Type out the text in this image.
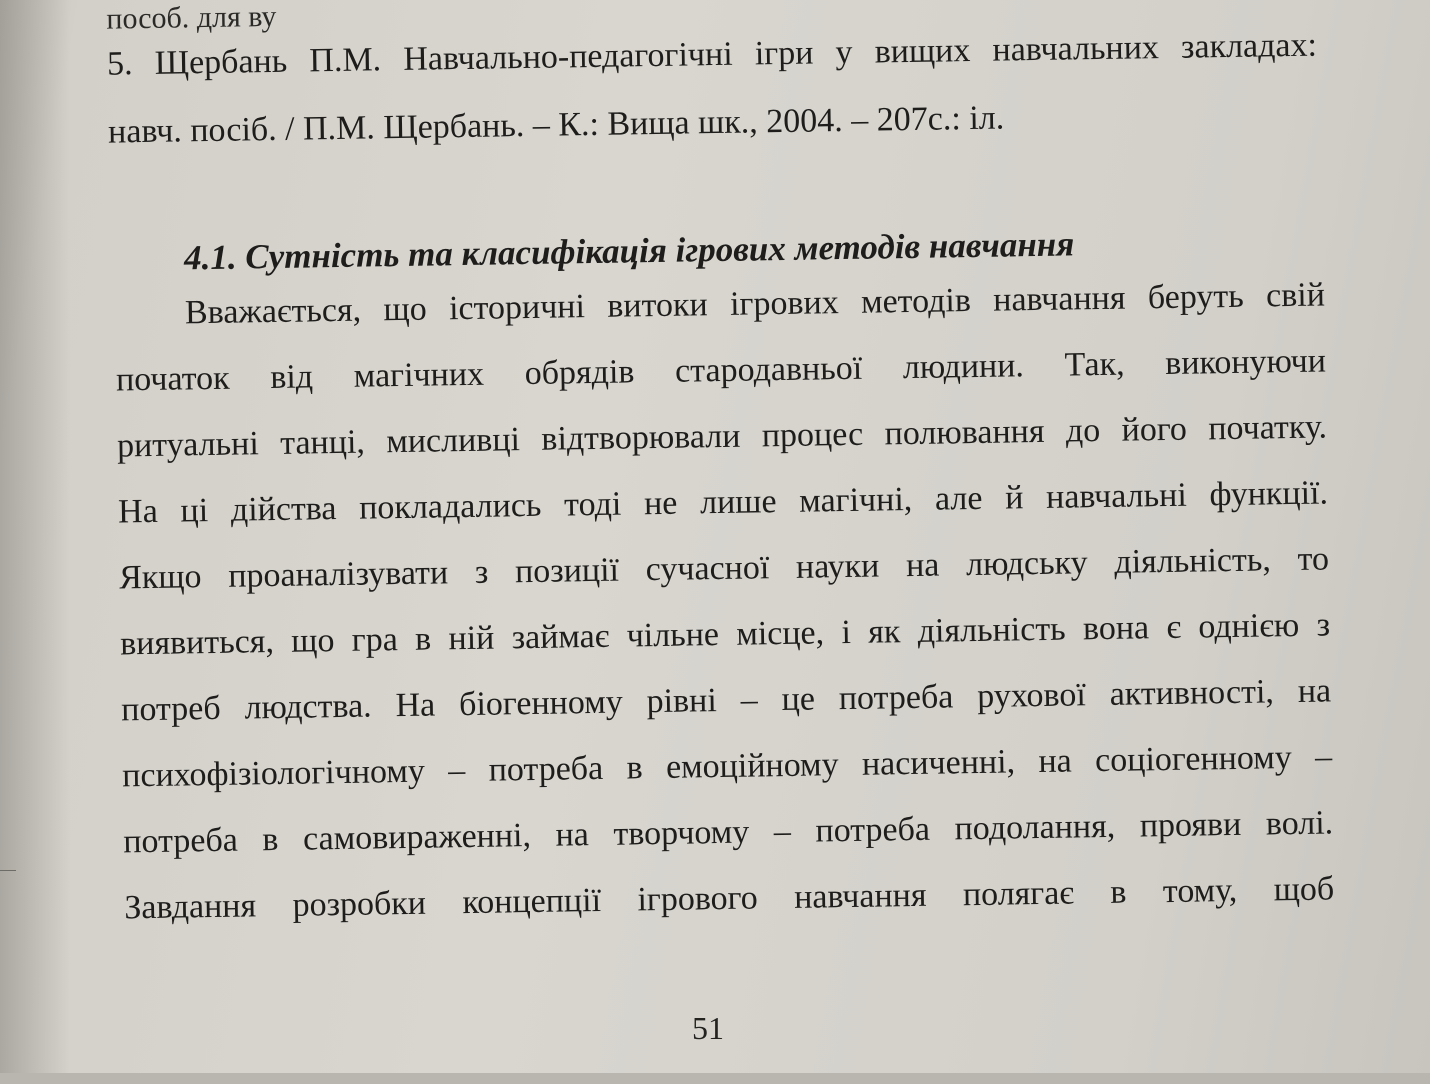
пособ. для ву
5. Щербань П.М. Навчально-педагогічні ігри у вищих навчальних закладах:
навч. посіб. / П.М. Щербань. – К.: Вища шк., 2004. – 207с.: іл.
4.1. Сутність та класифікація ігрових методів навчання
Вважається, що історичні витоки ігрових методів навчання беруть свій
початок від магічних обрядів стародавньої людини. Так, виконуючи
ритуальні танці, мисливці відтворювали процес полювання до його початку.
На ці дійства покладались тоді не лише магічні, але й навчальні функції.
Якщо проаналізувати з позиції сучасної науки на людську діяльність, то
виявиться, що гра в ній займає чільне місце, і як діяльність вона є однією з
потреб людства. На біогенному рівні – це потреба рухової активності, на
психофізіологічному – потреба в емоційному насиченні, на соціогенному –
потреба в самовираженні, на творчому – потреба подолання, прояви волі.
Завдання розробки концепції ігрового навчання полягає в тому, щоб
51
